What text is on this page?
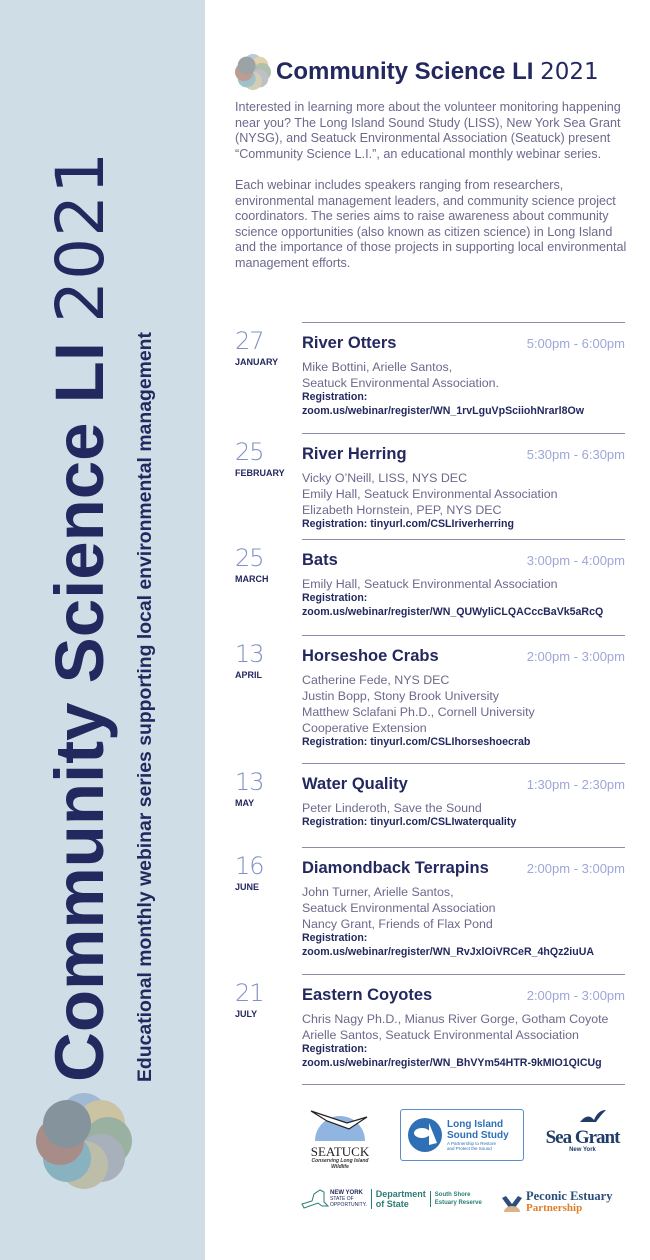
Community Science LI 2021
Educational monthly webinar series supporting local environmental management
Community Science LI 2021

Interested in learning more about the volunteer monitoring happening near you? The Long Island Sound Study (LISS), New York Sea Grant (NYSG), and Seatuck Environmental Association (Seatuck) present “Community Science L.I.”, an educational monthly webinar series.

Each webinar includes speakers ranging from researchers, environmental management leaders, and community science project coordinators. The series aims to raise awareness about community science opportunities (also known as citizen science) in Long Island and the importance of those projects in supporting local environmental management efforts.

27
JANUARY
River Otters	5:00pm - 6:00pm
Mike Bottini, Arielle Santos,
Seatuck Environmental Association.
Registration:
zoom.us/webinar/register/WN_1rvLguVpSciiohNrarl8Ow
25
FEBRUARY
River Herring	5:30pm - 6:30pm
Vicky O’Neill, LISS, NYS DEC
Emily Hall, Seatuck Environmental Association
Elizabeth Hornstein, PEP, NYS DEC
Registration: tinyurl.com/CSLIriverherring
25
MARCH
Bats	3:00pm - 4:00pm
Emily Hall, Seatuck Environmental Association
Registration:
zoom.us/webinar/register/WN_QUWyliCLQACccBaVk5aRcQ
13
APRIL
Horseshoe Crabs	2:00pm - 3:00pm
Catherine Fede, NYS DEC
Justin Bopp, Stony Brook University
Matthew Sclafani Ph.D., Cornell University
Cooperative Extension
Registration: tinyurl.com/CSLIhorseshoecrab
13
MAY
Water Quality	1:30pm - 2:30pm
Peter Linderoth, Save the Sound
Registration: tinyurl.com/CSLIwaterquality
16
JUNE
Diamondback Terrapins	2:00pm - 3:00pm
John Turner, Arielle Santos,
Seatuck Environmental Association
Nancy Grant, Friends of Flax Pond
Registration:
zoom.us/webinar/register/WN_RvJxlOiVRCeR_4hQz2iuUA
21
JULY
Eastern Coyotes	2:00pm - 3:00pm
Chris Nagy Ph.D., Mianus River Gorge, Gotham Coyote
Arielle Santos, Seatuck Environmental Association
Registration:
zoom.us/webinar/register/WN_BhVYm54HTR-9kMIO1QICUg
SEATUCK
Conserving Long Island Wildlife
Long Island
Sound Study
A Partnership to Restore
and Protect the Sound
Sea Grant
New York
NEW YORK
STATE OF
OPPORTUNITY.
Department
of State
South Shore
Estuary Reserve	Peconic Estuary
Partnership
